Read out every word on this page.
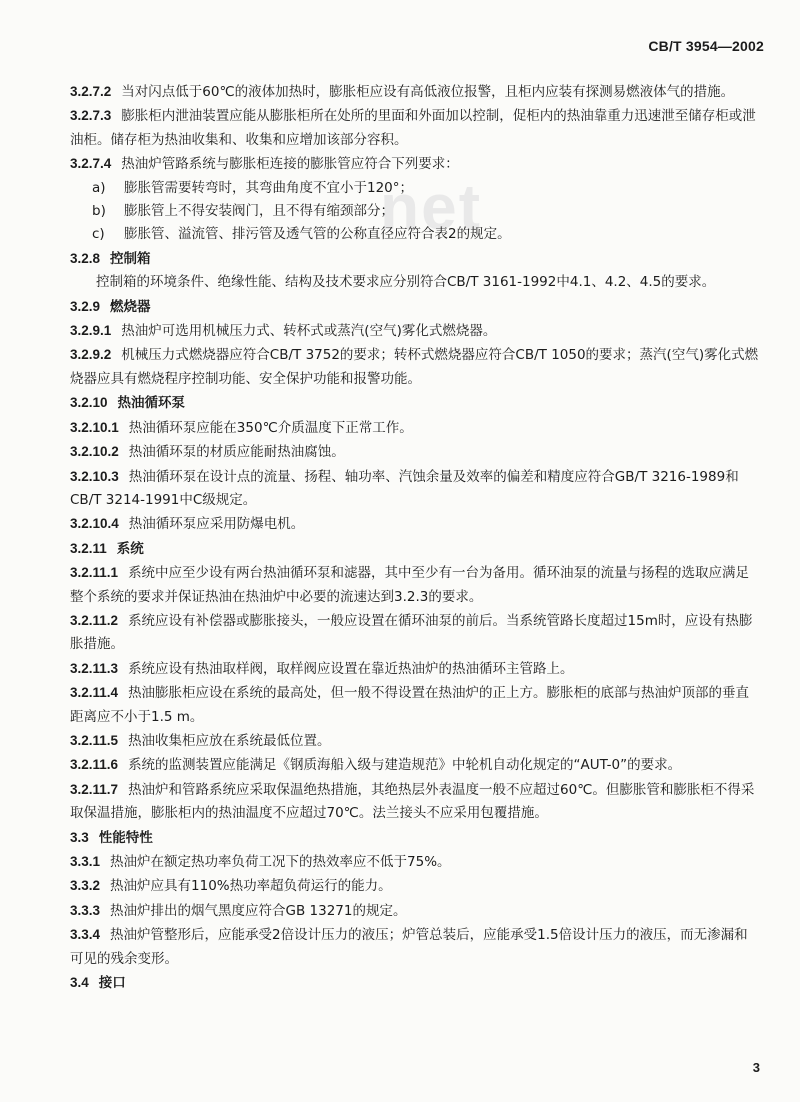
CB/T 3954—2002
net

3.2.7.2 当对闪点低于60℃的液体加热时，膨胀柜应设有高低液位报警，且柜内应装有探测易燃液体气的措施。

3.2.7.3 膨胀柜内泄油装置应能从膨胀柜所在处所的里面和外面加以控制，促柜内的热油靠重力迅速泄至储存柜或泄油柜。储存柜为热油收集和、收集和应增加该部分容积。

3.2.7.4 热油炉管路系统与膨胀柜连接的膨胀管应符合下列要求：

a) 膨胀管需要转弯时，其弯曲角度不宜小于120°；

b) 膨胀管上不得安装阀门，且不得有缩颈部分；

c) 膨胀管、溢流管、排污管及透气管的公称直径应符合表2的规定。

3.2.8 控制箱

控制箱的环境条件、绝缘性能、结构及技术要求应分别符合CB/T 3161-1992中4.1、4.2、4.5的要求。

3.2.9 燃烧器

3.2.9.1 热油炉可选用机械压力式、转杯式或蒸汽(空气)雾化式燃烧器。

3.2.9.2 机械压力式燃烧器应符合CB/T 3752的要求；转杯式燃烧器应符合CB/T 1050的要求；蒸汽(空气)雾化式燃烧器应具有燃烧程序控制功能、安全保护功能和报警功能。

3.2.10 热油循环泵

3.2.10.1 热油循环泵应能在350℃介质温度下正常工作。

3.2.10.2 热油循环泵的材质应能耐热油腐蚀。

3.2.10.3 热油循环泵在设计点的流量、扬程、轴功率、汽蚀余量及效率的偏差和精度应符合GB/T 3216-1989和CB/T 3214-1991中C级规定。

3.2.10.4 热油循环泵应采用防爆电机。

3.2.11 系统

3.2.11.1 系统中应至少设有两台热油循环泵和滤器，其中至少有一台为备用。循环油泵的流量与扬程的选取应满足整个系统的要求并保证热油在热油炉中必要的流速达到3.2.3的要求。

3.2.11.2 系统应设有补偿器或膨胀接头，一般应设置在循环油泵的前后。当系统管路长度超过15m时，应设有热膨胀措施。

3.2.11.3 系统应设有热油取样阀，取样阀应设置在靠近热油炉的热油循环主管路上。

3.2.11.4 热油膨胀柜应设在系统的最高处，但一般不得设置在热油炉的正上方。膨胀柜的底部与热油炉顶部的垂直距离应不小于1.5 m。

3.2.11.5 热油收集柜应放在系统最低位置。

3.2.11.6 系统的监测装置应能满足《钢质海船入级与建造规范》中轮机自动化规定的“AUT-0”的要求。

3.2.11.7 热油炉和管路系统应采取保温绝热措施，其绝热层外表温度一般不应超过60℃。但膨胀管和膨胀柜不得采取保温措施，膨胀柜内的热油温度不应超过70℃。法兰接头不应采用包覆措施。

3.3 性能特性

3.3.1 热油炉在额定热功率负荷工况下的热效率应不低于75%。

3.3.2 热油炉应具有110%热功率超负荷运行的能力。

3.3.3 热油炉排出的烟气黑度应符合GB 13271的规定。

3.3.4 热油炉管整形后，应能承受2倍设计压力的液压；炉管总装后，应能承受1.5倍设计压力的液压，而无渗漏和可见的残余变形。

3.4 接口

3
